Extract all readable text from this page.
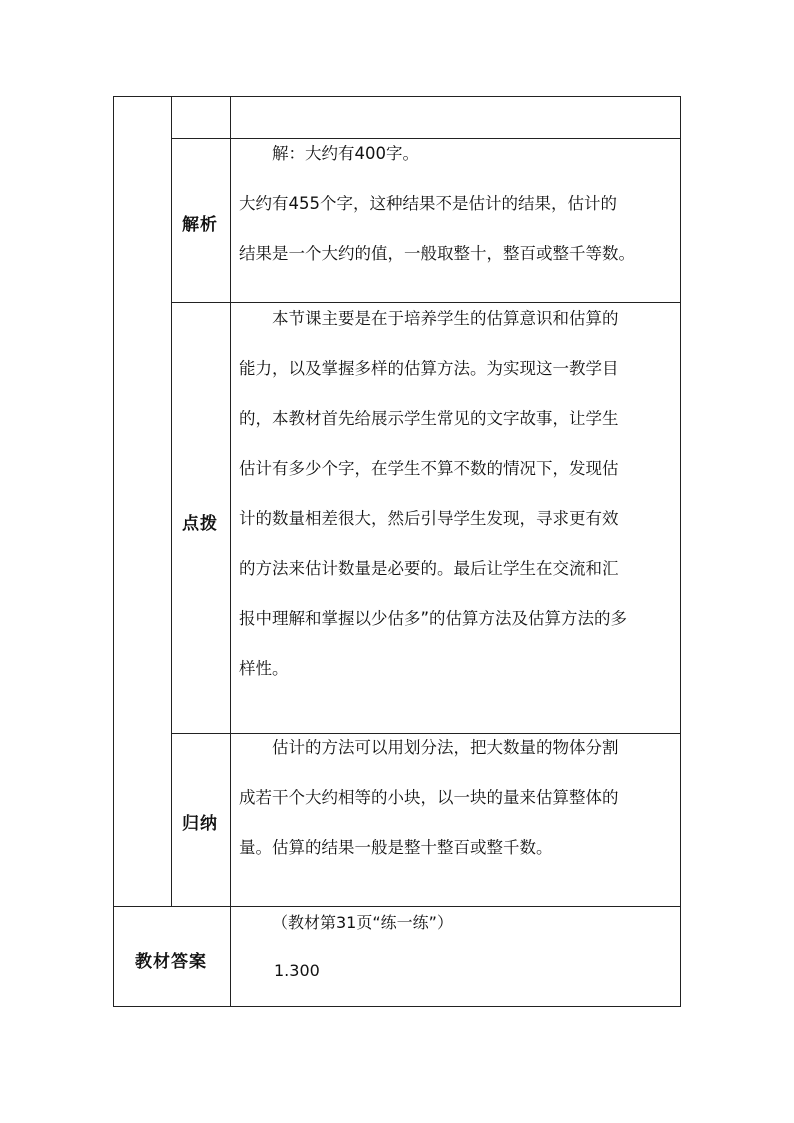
解析
　　解：大约有400字。
大约有455个字，这种结果不是估计的结果，估计的
结果是一个大约的值，一般取整十，整百或整千等数。
点拨
　　本节课主要是在于培养学生的估算意识和估算的
能力，以及掌握多样的估算方法。为实现这一教学目
的，本教材首先给展示学生常见的文字故事，让学生
估计有多少个字，在学生不算不数的情况下，发现估
计的数量相差很大，然后引导学生发现，寻求更有效
的方法来估计数量是必要的。最后让学生在交流和汇
报中理解和掌握以少估多”的估算方法及估算方法的多
样性。
归纳
　　估计的方法可以用划分法，把大数量的物体分割
成若干个大约相等的小块，以一块的量来估算整体的
量。估算的结果一般是整十整百或整千数。
教材答案
（教材第31页“练一练”）
1.300
